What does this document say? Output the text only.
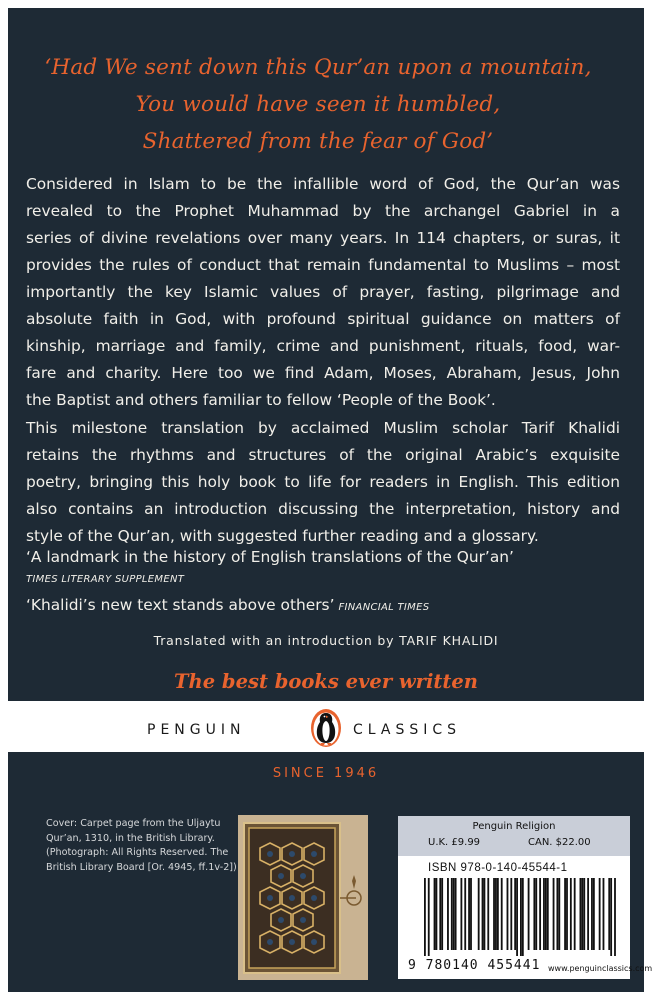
‘Had We sent down this Qur’an upon a mountain,
You would have seen it humbled,
Shattered from the fear of God’
Considered in Islam to be the infallible word of God, the Qur’an was
revealed to the Prophet Muhammad by the archangel Gabriel in a
series of divine revelations over many years. In 114 chapters, or suras, it
provides the rules of conduct that remain fundamental to Muslims – most
importantly the key Islamic values of prayer, fasting, pilgrimage and
absolute faith in God, with profound spiritual guidance on matters of
kinship, marriage and family, crime and punishment, rituals, food, war-
fare and charity. Here too we find Adam, Moses, Abraham, Jesus, John
the Baptist and others familiar to fellow ‘People of the Book’.
This milestone translation by acclaimed Muslim scholar Tarif Khalidi
retains the rhythms and structures of the original Arabic’s exquisite
poetry, bringing this holy book to life for readers in English. This edition
also contains an introduction discussing the interpretation, history and
style of the Qur’an, with suggested further reading and a glossary.
‘A landmark in the history of English translations of the Qur’an’
TIMES LITERARY SUPPLEMENT
‘Khalidi’s new text stands above others’ FINANCIAL TIMES
Translated with an introduction by TARIF KHALIDI
The best books ever written
PENGUIN	CLASSICS
SINCE 1946
Cover: Carpet page from the Uljaytu Qur’an, 1310, in the British Library. (Photograph: All Rights Reserved. The British Library Board [Or. 4945, ff.1v-2])
Penguin Religion
U.K. £9.99	CAN. $22.00
ISBN 978-0-140-45544-1
9 780140 455441 www.penguinclassics.com
